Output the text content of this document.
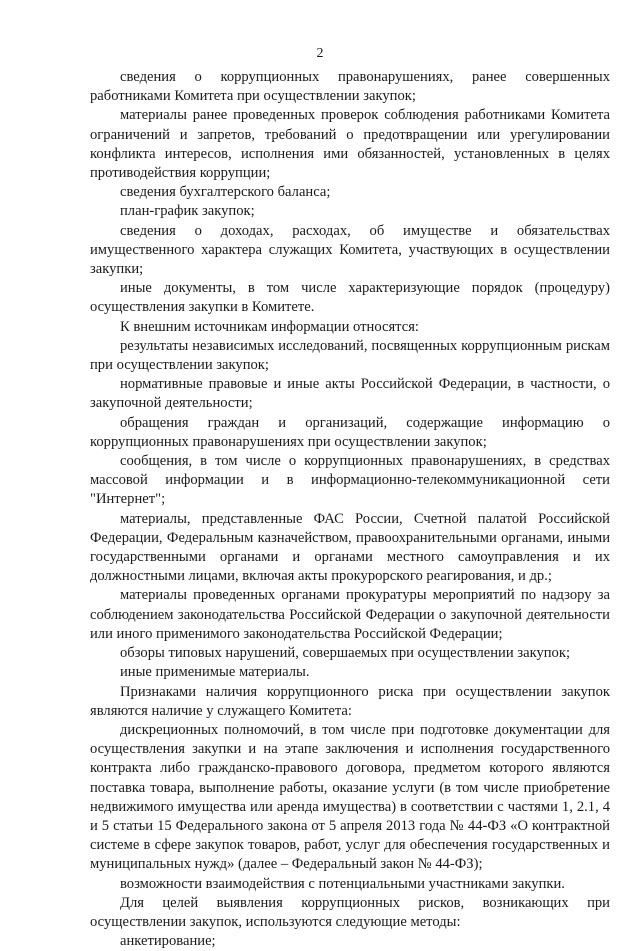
2

сведения о коррупционных правонарушениях, ранее совершенных работниками Комитета при осуществлении закупок;

материалы ранее проведенных проверок соблюдения работниками Комитета ограничений и запретов, требований о предотвращении или урегулировании конфликта интересов, исполнения ими обязанностей, установленных в целях противодействия коррупции;

сведения бухгалтерского баланса;

план-график закупок;

сведения о доходах, расходах, об имуществе и обязательствах имущественного характера служащих Комитета, участвующих в осуществлении закупки;

иные документы, в том числе характеризующие порядок (процедуру) осуществления закупки в Комитете.

К внешним источникам информации относятся:

результаты независимых исследований, посвященных коррупционным рискам при осуществлении закупок;

нормативные правовые и иные акты Российской Федерации, в частности, о закупочной деятельности;

обращения граждан и организаций, содержащие информацию о коррупционных правонарушениях при осуществлении закупок;

сообщения, в том числе о коррупционных правонарушениях, в средствах массовой информации и в информационно-телекоммуникационной сети "Интернет";

материалы, представленные ФАС России, Счетной палатой Российской Федерации, Федеральным казначейством, правоохранительными органами, иными государственными органами и органами местного самоуправления и их должностными лицами, включая акты прокурорского реагирования, и др.;

материалы проведенных органами прокуратуры мероприятий по надзору за соблюдением законодательства Российской Федерации о закупочной деятельности или иного применимого законодательства Российской Федерации;

обзоры типовых нарушений, совершаемых при осуществлении закупок;

иные применимые материалы.

Признаками наличия коррупционного риска при осуществлении закупок являются наличие у служащего Комитета:

дискреционных полномочий, в том числе при подготовке документации для осуществления закупки и на этапе заключения и исполнения государственного контракта либо гражданско-правового договора, предметом которого являются поставка товара, выполнение работы, оказание услуги (в том числе приобретение недвижимого имущества или аренда имущества) в соответствии с частями 1, 2.1, 4 и 5 статьи 15 Федерального закона от 5 апреля 2013 года № 44-ФЗ «О контрактной системе в сфере закупок товаров, работ, услуг для обеспечения государственных и муниципальных нужд» (далее – Федеральный закон № 44-ФЗ);

возможности взаимодействия с потенциальными участниками закупки.

Для целей выявления коррупционных рисков, возникающих при осуществлении закупок, используются следующие методы:

анкетирование;
